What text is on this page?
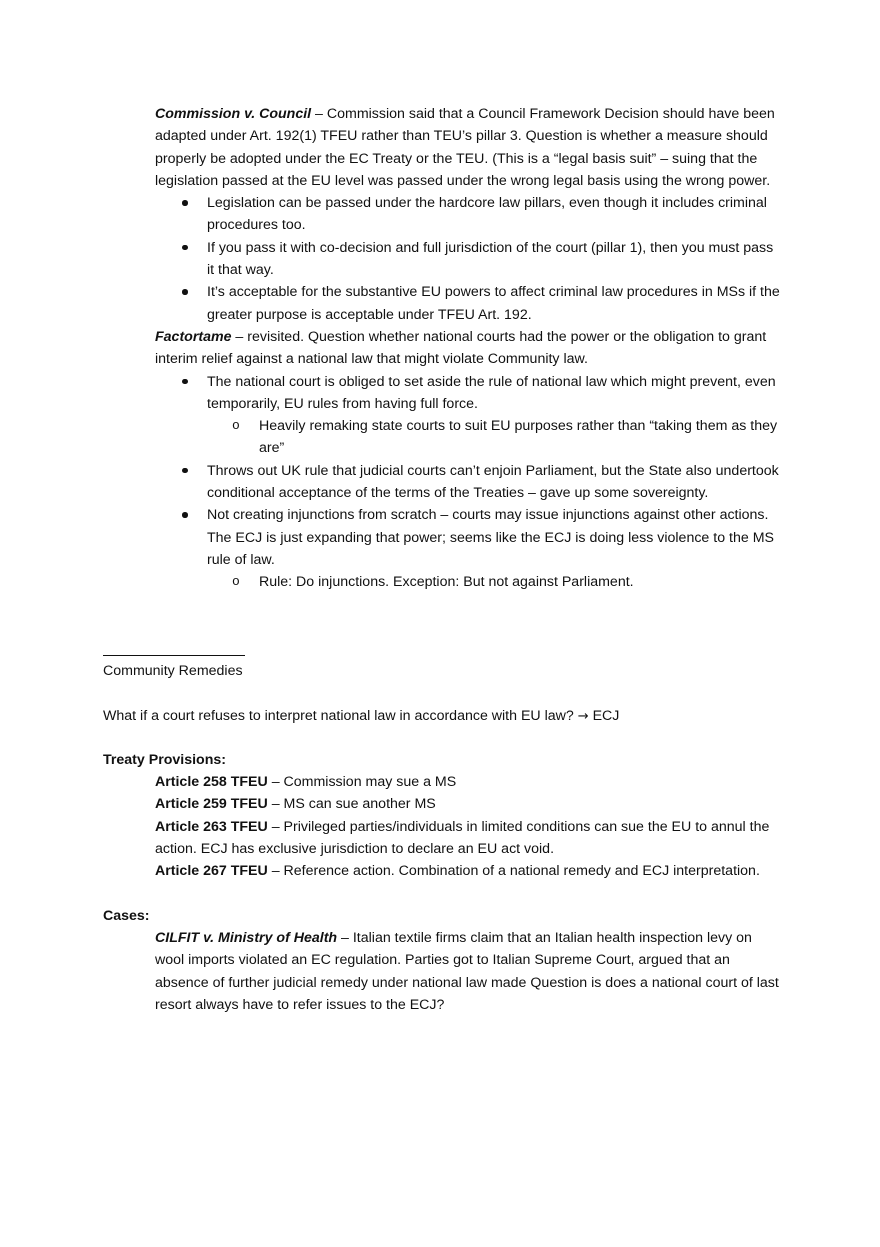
Commission v. Council – Commission said that a Council Framework Decision should have been adapted under Art. 192(1) TFEU rather than TEU’s pillar 3. Question is whether a measure should properly be adopted under the EC Treaty or the TEU. (This is a “legal basis suit” – suing that the legislation passed at the EU level was passed under the wrong legal basis using the wrong power.

Legislation can be passed under the hardcore law pillars, even though it includes criminal procedures too.
If you pass it with co-decision and full jurisdiction of the court (pillar 1), then you must pass it that way.
It’s acceptable for the substantive EU powers to affect criminal law procedures in MSs if the greater purpose is acceptable under TFEU Art. 192.

Factortame – revisited. Question whether national courts had the power or the obligation to grant interim relief against a national law that might violate Community law.

The national court is obliged to set aside the rule of national law which might prevent, even temporarily, EU rules from having full force.
o Heavily remaking state courts to suit EU purposes rather than “taking them as they are”
Throws out UK rule that judicial courts can’t enjoin Parliament, but the State also undertook conditional acceptance of the terms of the Treaties – gave up some sovereignty.
Not creating injunctions from scratch – courts may issue injunctions against other actions. The ECJ is just expanding that power; seems like the ECJ is doing less violence to the MS rule of law.
o Rule: Do injunctions. Exception: But not against Parliament.

Community Remedies

What if a court refuses to interpret national law in accordance with EU law? → ECJ

Treaty Provisions:

Article 258 TFEU – Commission may sue a MS

Article 259 TFEU – MS can sue another MS

Article 263 TFEU – Privileged parties/individuals in limited conditions can sue the EU to annul the action. ECJ has exclusive jurisdiction to declare an EU act void.

Article 267 TFEU – Reference action. Combination of a national remedy and ECJ interpretation.

Cases:

CILFIT v. Ministry of Health – Italian textile firms claim that an Italian health inspection levy on wool imports violated an EC regulation. Parties got to Italian Supreme Court, argued that an absence of further judicial remedy under national law made Question is does a national court of last resort always have to refer issues to the ECJ?
